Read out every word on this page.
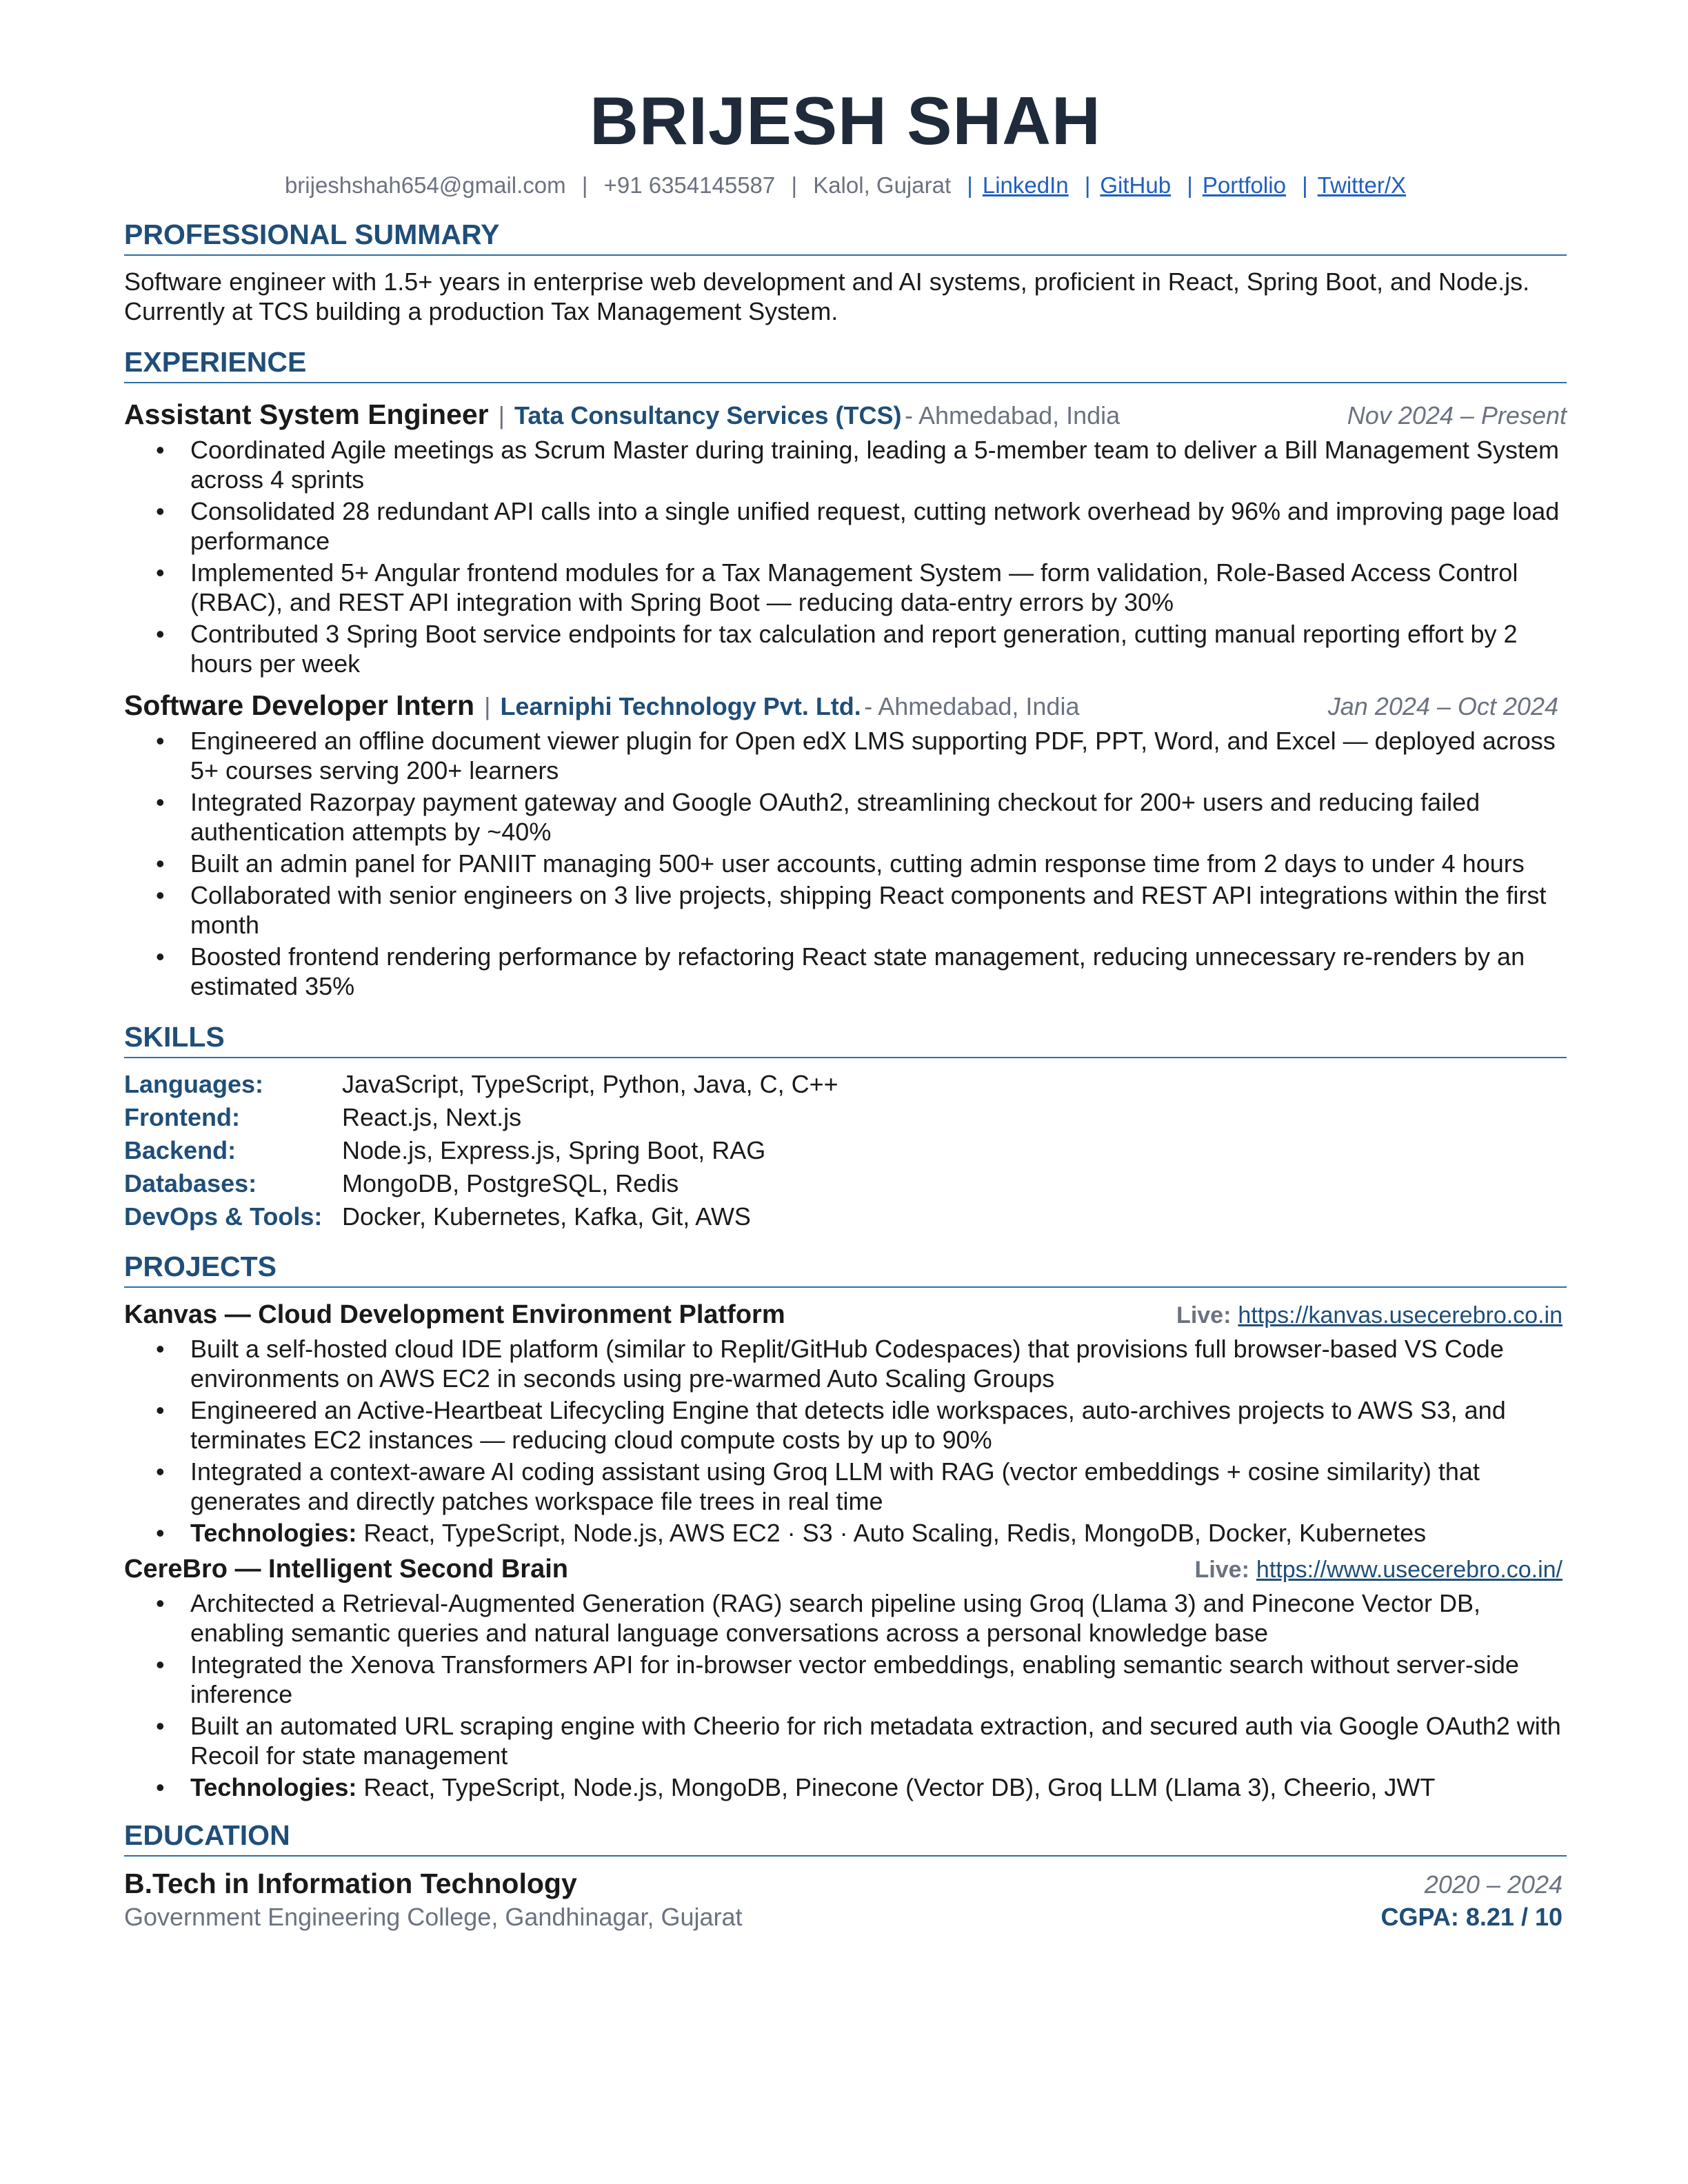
BRIJESH SHAH
brijeshshah654@gmail.com | +91 6354145587 | Kalol, Gujarat | LinkedIn | GitHub | Portfolio | Twitter/X
PROFESSIONAL SUMMARY
Software engineer with 1.5+ years in enterprise web development and AI systems, proficient in React, Spring Boot, and Node.js. Currently at TCS building a production Tax Management System.
EXPERIENCE
Assistant System Engineer | Tata Consultancy Services (TCS) - Ahmedabad, India	Nov 2024 – Present
• Coordinated Agile meetings as Scrum Master during training, leading a 5-member team to deliver a Bill Management System across 4 sprints
• Consolidated 28 redundant API calls into a single unified request, cutting network overhead by 96% and improving page load performance
• Implemented 5+ Angular frontend modules for a Tax Management System — form validation, Role-Based Access Control (RBAC), and REST API integration with Spring Boot — reducing data-entry errors by 30%
• Contributed 3 Spring Boot service endpoints for tax calculation and report generation, cutting manual reporting effort by 2 hours per week
Software Developer Intern | Learniphi Technology Pvt. Ltd. - Ahmedabad, India	Jan 2024 – Oct 2024
• Engineered an offline document viewer plugin for Open edX LMS supporting PDF, PPT, Word, and Excel — deployed across 5+ courses serving 200+ learners
• Integrated Razorpay payment gateway and Google OAuth2, streamlining checkout for 200+ users and reducing failed authentication attempts by ~40%
• Built an admin panel for PANIIT managing 500+ user accounts, cutting admin response time from 2 days to under 4 hours
• Collaborated with senior engineers on 3 live projects, shipping React components and REST API integrations within the first month
• Boosted frontend rendering performance by refactoring React state management, reducing unnecessary re-renders by an estimated 35%
SKILLS
Languages:	JavaScript, TypeScript, Python, Java, C, C++
Frontend:	React.js, Next.js
Backend:	Node.js, Express.js, Spring Boot, RAG
Databases:	MongoDB, PostgreSQL, Redis
DevOps & Tools: Docker, Kubernetes, Kafka, Git, AWS
PROJECTS
Kanvas — Cloud Development Environment Platform	Live: https://kanvas.usecerebro.co.in
• Built a self-hosted cloud IDE platform (similar to Replit/GitHub Codespaces) that provisions full browser-based VS Code environments on AWS EC2 in seconds using pre-warmed Auto Scaling Groups
• Engineered an Active-Heartbeat Lifecycling Engine that detects idle workspaces, auto-archives projects to AWS S3, and terminates EC2 instances — reducing cloud compute costs by up to 90%
• Integrated a context-aware AI coding assistant using Groq LLM with RAG (vector embeddings + cosine similarity) that generates and directly patches workspace file trees in real time
• Technologies: React, TypeScript, Node.js, AWS EC2 · S3 · Auto Scaling, Redis, MongoDB, Docker, Kubernetes
CereBro — Intelligent Second Brain	Live: https://www.usecerebro.co.in/
• Architected a Retrieval-Augmented Generation (RAG) search pipeline using Groq (Llama 3) and Pinecone Vector DB, enabling semantic queries and natural language conversations across a personal knowledge base
• Integrated the Xenova Transformers API for in-browser vector embeddings, enabling semantic search without server-side inference
• Built an automated URL scraping engine with Cheerio for rich metadata extraction, and secured auth via Google OAuth2 with Recoil for state management
• Technologies: React, TypeScript, Node.js, MongoDB, Pinecone (Vector DB), Groq LLM (Llama 3), Cheerio, JWT
EDUCATION
B.Tech in Information Technology	2020 – 2024
Government Engineering College, Gandhinagar, Gujarat	CGPA: 8.21 / 10
